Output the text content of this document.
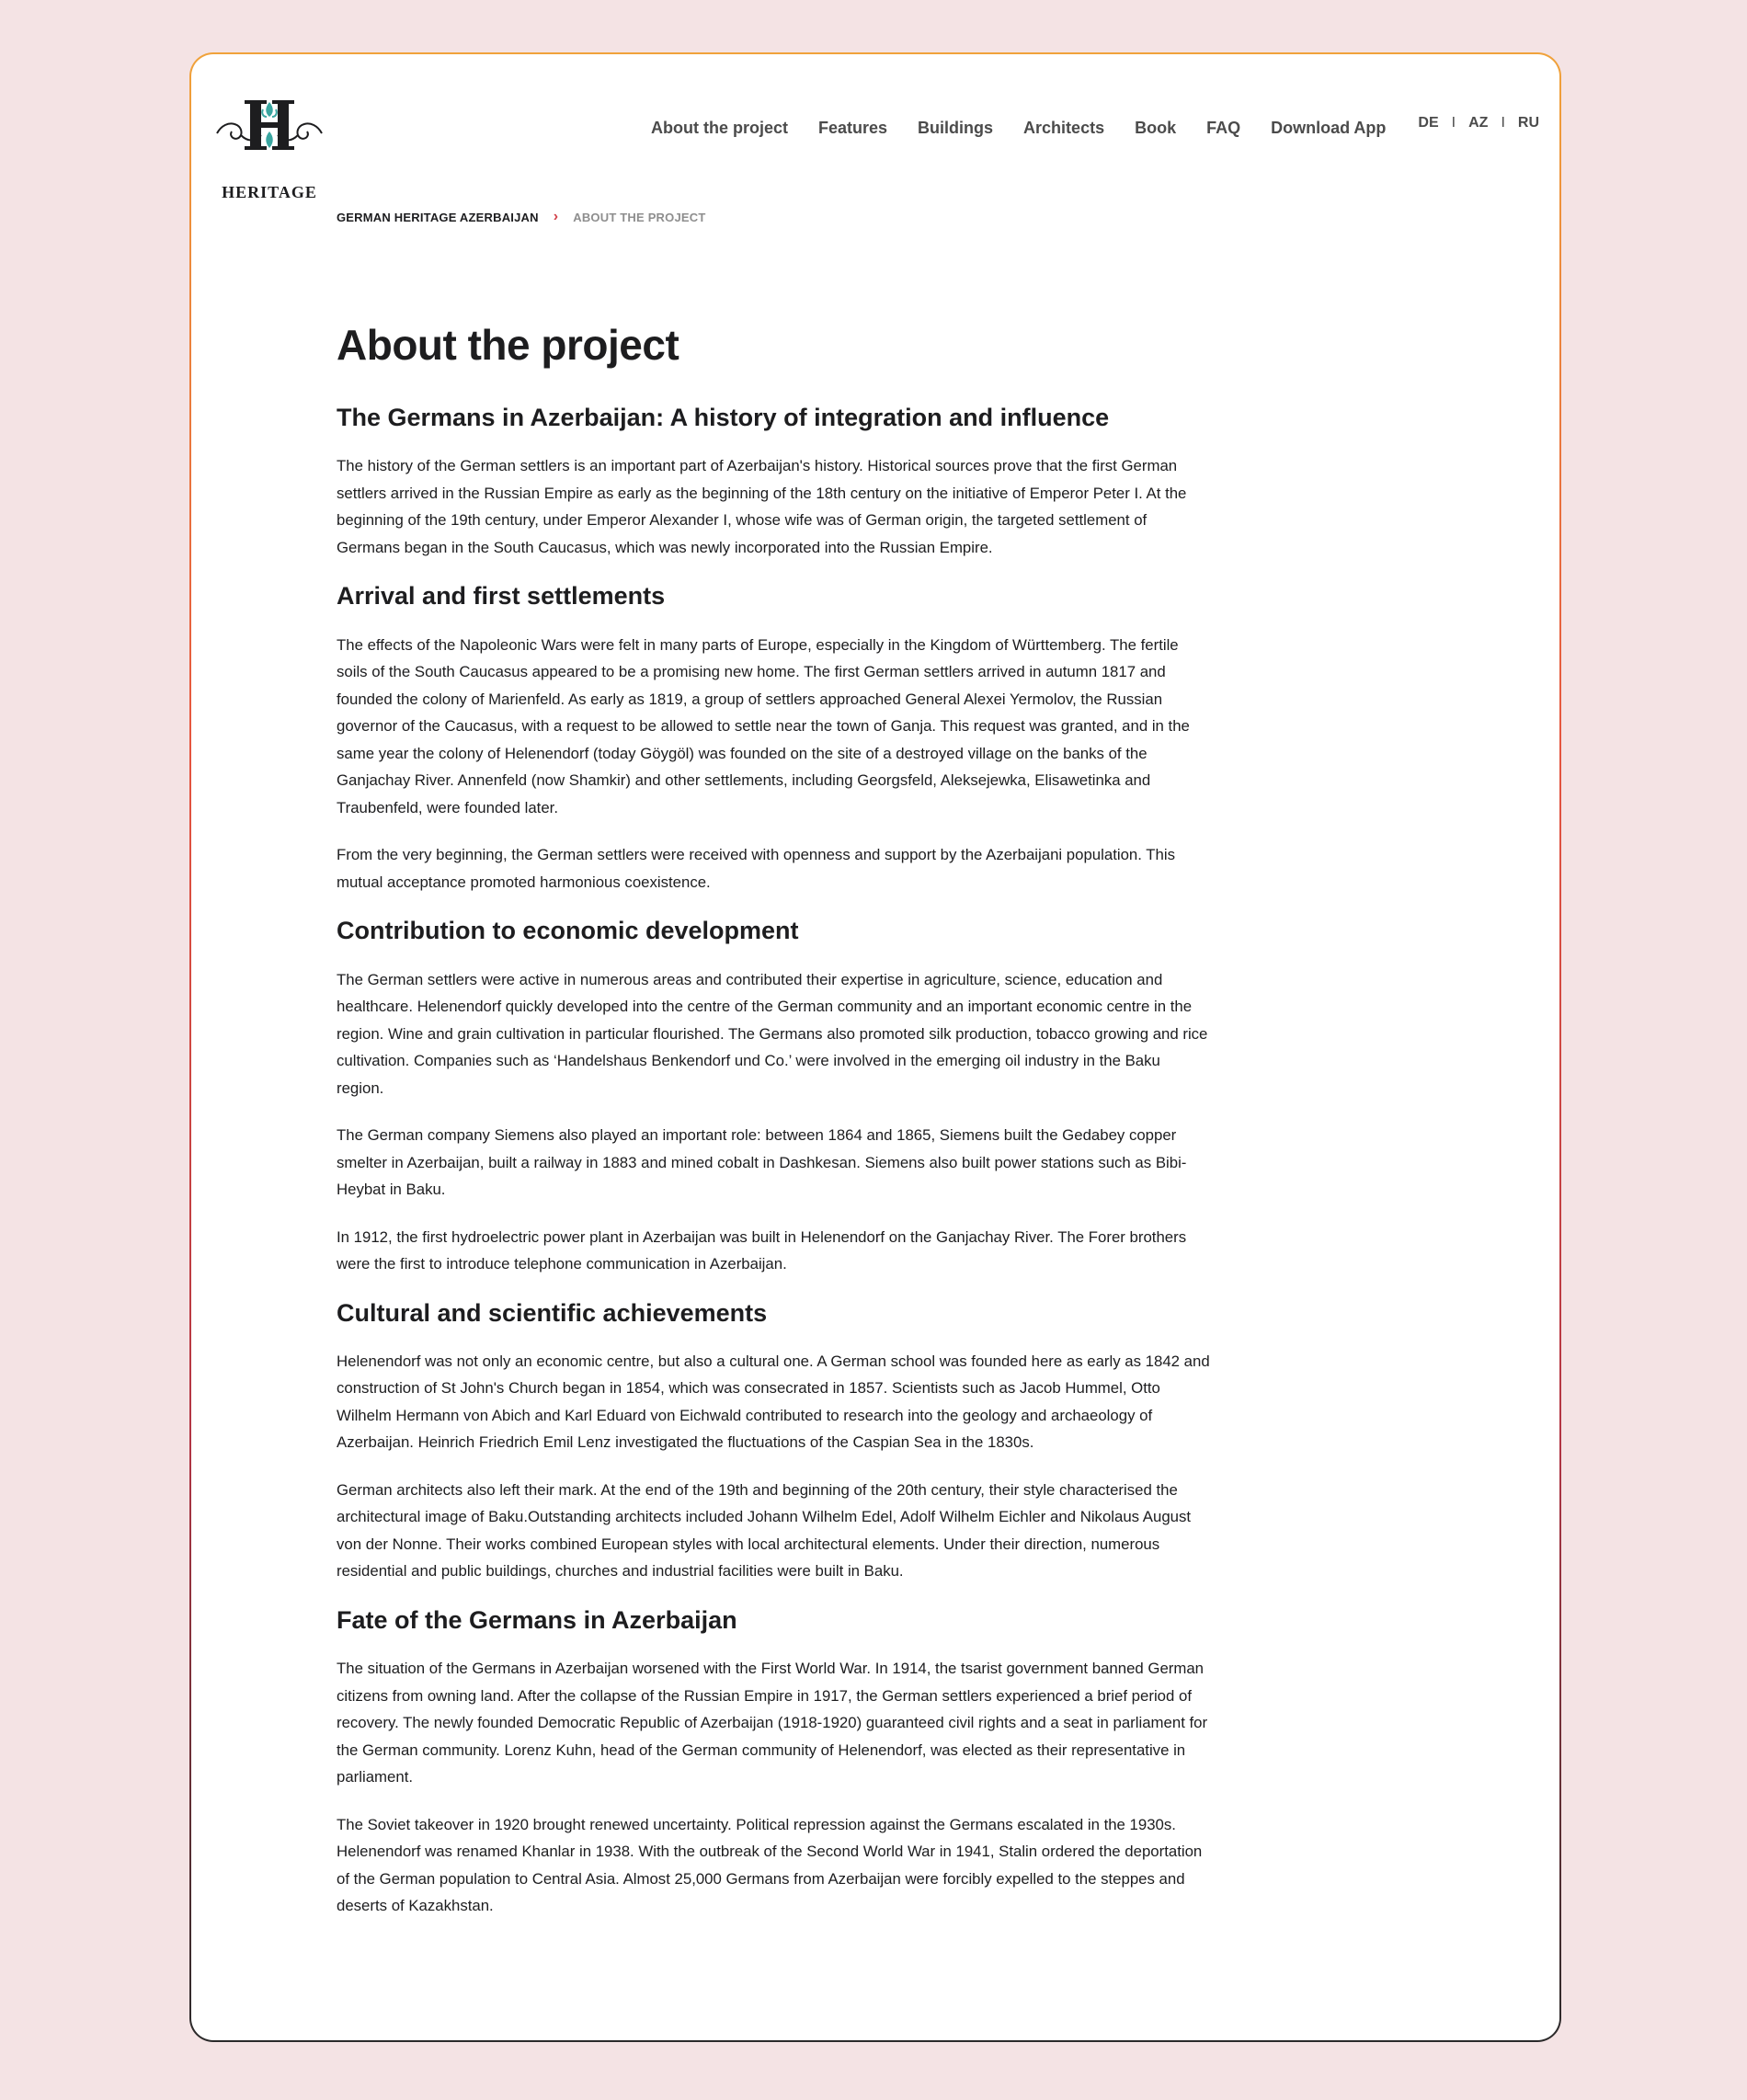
HERITAGE
About the project Features Buildings Architects Book FAQ Download App DE I AZ I RU
GERMAN HERITAGE AZERBAIJAN › ABOUT THE PROJECT
About the project
The Germans in Azerbaijan: A history of integration and influence

The history of the German settlers is an important part of Azerbaijan's history. Historical sources prove that the first German settlers arrived in the Russian Empire as early as the beginning of the 18th century on the initiative of Emperor Peter I. At the beginning of the 19th century, under Emperor Alexander I, whose wife was of German origin, the targeted settlement of Germans began in the South Caucasus, which was newly incorporated into the Russian Empire.

Arrival and first settlements

The effects of the Napoleonic Wars were felt in many parts of Europe, especially in the Kingdom of Württemberg. The fertile soils of the South Caucasus appeared to be a promising new home. The first German settlers arrived in autumn 1817 and founded the colony of Marienfeld. As early as 1819, a group of settlers approached General Alexei Yermolov, the Russian governor of the Caucasus, with a request to be allowed to settle near the town of Ganja. This request was granted, and in the same year the colony of Helenendorf (today Göygöl) was founded on the site of a destroyed village on the banks of the Ganjachay River. Annenfeld (now Shamkir) and other settlements, including Georgsfeld, Aleksejewka, Elisawetinka and Traubenfeld, were founded later.

From the very beginning, the German settlers were received with openness and support by the Azerbaijani population. This mutual acceptance promoted harmonious coexistence.

Contribution to economic development

The German settlers were active in numerous areas and contributed their expertise in agriculture, science, education and healthcare. Helenendorf quickly developed into the centre of the German community and an important economic centre in the region. Wine and grain cultivation in particular flourished. The Germans also promoted silk production, tobacco growing and rice cultivation. Companies such as ‘Handelshaus Benkendorf und Co.’ were involved in the emerging oil industry in the Baku region.

The German company Siemens also played an important role: between 1864 and 1865, Siemens built the Gedabey copper smelter in Azerbaijan, built a railway in 1883 and mined cobalt in Dashkesan. Siemens also built power stations such as Bibi-Heybat in Baku.

In 1912, the first hydroelectric power plant in Azerbaijan was built in Helenendorf on the Ganjachay River. The Forer brothers were the first to introduce telephone communication in Azerbaijan.

Cultural and scientific achievements

Helenendorf was not only an economic centre, but also a cultural one. A German school was founded here as early as 1842 and construction of St John's Church began in 1854, which was consecrated in 1857. Scientists such as Jacob Hummel, Otto Wilhelm Hermann von Abich and Karl Eduard von Eichwald contributed to research into the geology and archaeology of Azerbaijan. Heinrich Friedrich Emil Lenz investigated the fluctuations of the Caspian Sea in the 1830s.

German architects also left their mark. At the end of the 19th and beginning of the 20th century, their style characterised the architectural image of Baku.Outstanding architects included Johann Wilhelm Edel, Adolf Wilhelm Eichler and Nikolaus August von der Nonne. Their works combined European styles with local architectural elements. Under their direction, numerous residential and public buildings, churches and industrial facilities were built in Baku.

Fate of the Germans in Azerbaijan

The situation of the Germans in Azerbaijan worsened with the First World War. In 1914, the tsarist government banned German citizens from owning land. After the collapse of the Russian Empire in 1917, the German settlers experienced a brief period of recovery. The newly founded Democratic Republic of Azerbaijan (1918-1920) guaranteed civil rights and a seat in parliament for the German community. Lorenz Kuhn, head of the German community of Helenendorf, was elected as their representative in parliament.

The Soviet takeover in 1920 brought renewed uncertainty. Political repression against the Germans escalated in the 1930s. Helenendorf was renamed Khanlar in 1938. With the outbreak of the Second World War in 1941, Stalin ordered the deportation of the German population to Central Asia. Almost 25,000 Germans from Azerbaijan were forcibly expelled to the steppes and deserts of Kazakhstan.
